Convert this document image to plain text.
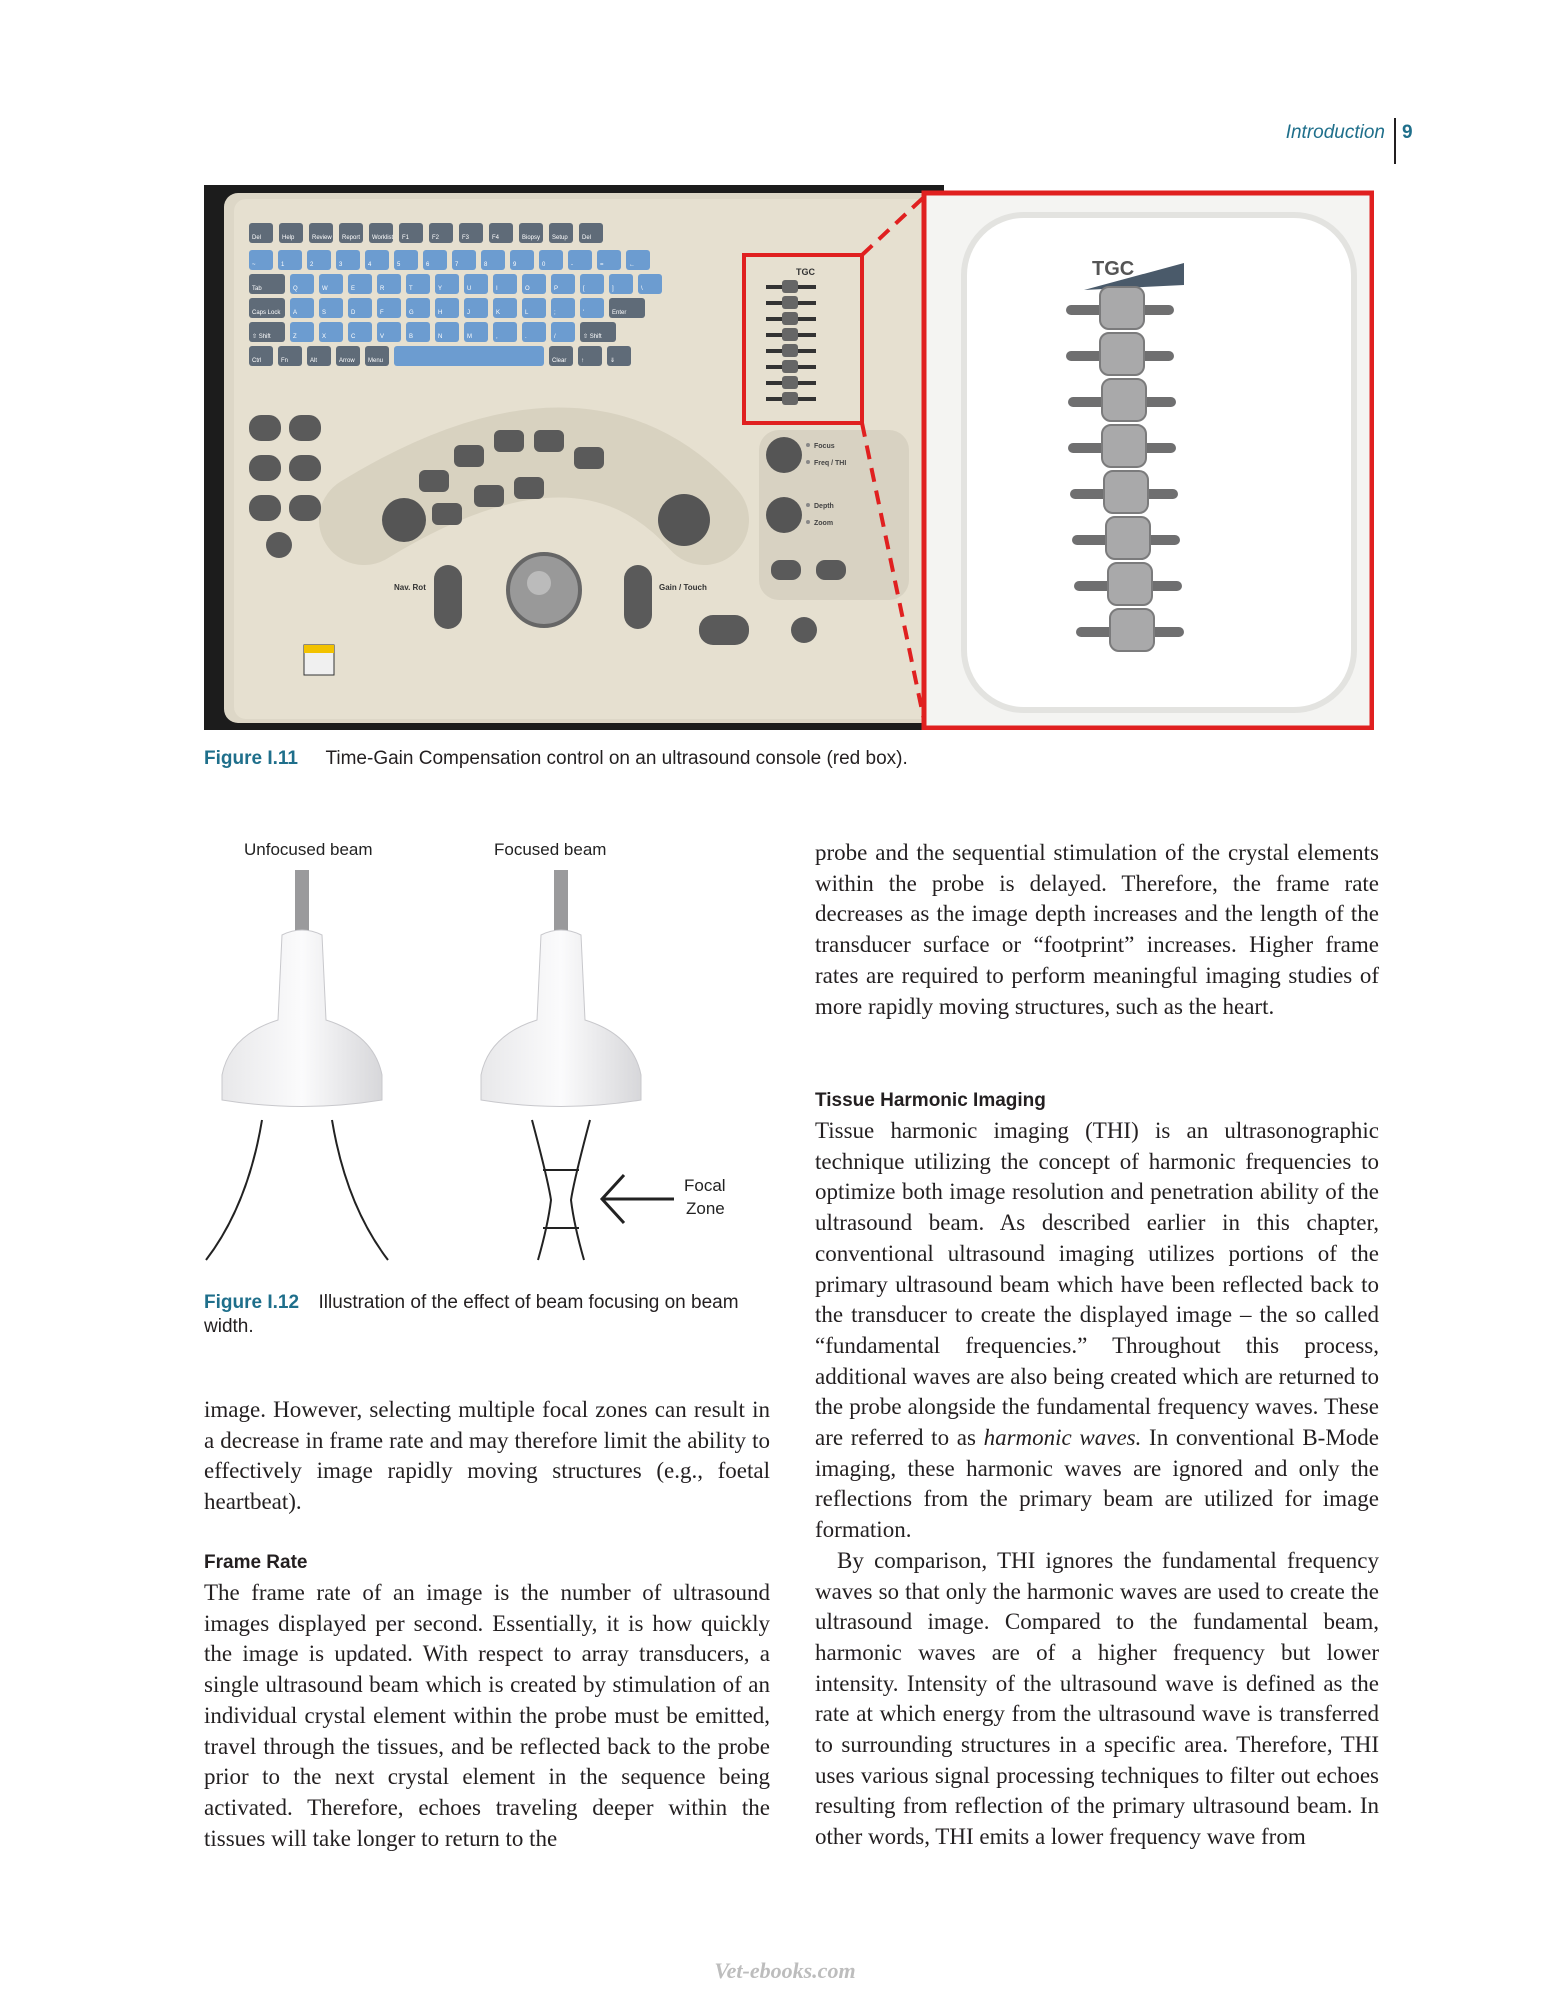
Introduction 9
Del	Help	Review Report Worklist F1	F2	F3	F4	Biopsy Setup Del
~	1	2	3	4	5	6	7	8	9	0	-	=	←
Tab	Q	W	E	R	T	Y	U	I	O	P	[	]	\
Caps Lock A	S	D	F	G	H	J	K	L	;	'	Enter
⇧ Shift	Z	X	C	V	B	N	M	,	.	/	⇧ Shift
Ctrl	Fn	Alt	Arrow Menu	Clear ↑	⇓
TGC
Focus
Freq / THI
Depth
Zoom
Nav. Rot	Gain / Touch
TGC
Figure I.11 Time-Gain Compensation control on an ultrasound console (red box).
Unfocused beam	Focused beam
Focal
Zone
Figure I.12 Illustration of the effect of beam focusing on beam width.

image. However, selecting multiple focal zones can result in a decrease in frame rate and may therefore limit the ability to effectively image rapidly moving structures (e.g., foetal heartbeat).

Frame Rate

The frame rate of an image is the number of ultrasound images displayed per second. Essentially, it is how quickly the image is updated. With respect to array transducers, a single ultrasound beam which is created by stimulation of an individual crystal element within the probe must be emitted, travel through the tissues, and be reflected back to the probe prior to the next crystal element in the sequence being activated. Therefore, echoes traveling deeper within the tissues will take longer to return to the

probe and the sequential stimulation of the crystal elements within the probe is delayed. Therefore, the frame rate decreases as the image depth increases and the length of the transducer surface or “footprint” increases. Higher frame rates are required to perform meaningful imaging studies of more rapidly moving structures, such as the heart.

Tissue Harmonic Imaging

Tissue harmonic imaging (THI) is an ultrasonographic technique utilizing the concept of harmonic frequencies to optimize both image resolution and penetration ability of the ultrasound beam. As described earlier in this chapter, conventional ultrasound imaging utilizes portions of the primary ultrasound beam which have been reflected back to the transducer to create the displayed image – the so called “fundamental frequencies.” Throughout this process, additional waves are also being created which are returned to the probe alongside the fundamental frequency waves. These are referred to as harmonic waves. In conventional B-Mode imaging, these harmonic waves are ignored and only the reflections from the primary beam are utilized for image formation.

By comparison, THI ignores the fundamental frequency waves so that only the harmonic waves are used to create the ultrasound image. Compared to the fundamental beam, harmonic waves are of a higher frequency but lower intensity. Intensity of the ultrasound wave is defined as the rate at which energy from the ultrasound wave is transferred to surrounding structures in a specific area. Therefore, THI uses various signal processing techniques to filter out echoes resulting from reflection of the primary ultrasound beam. In other words, THI emits a lower frequency wave from

Vet-ebooks.com
